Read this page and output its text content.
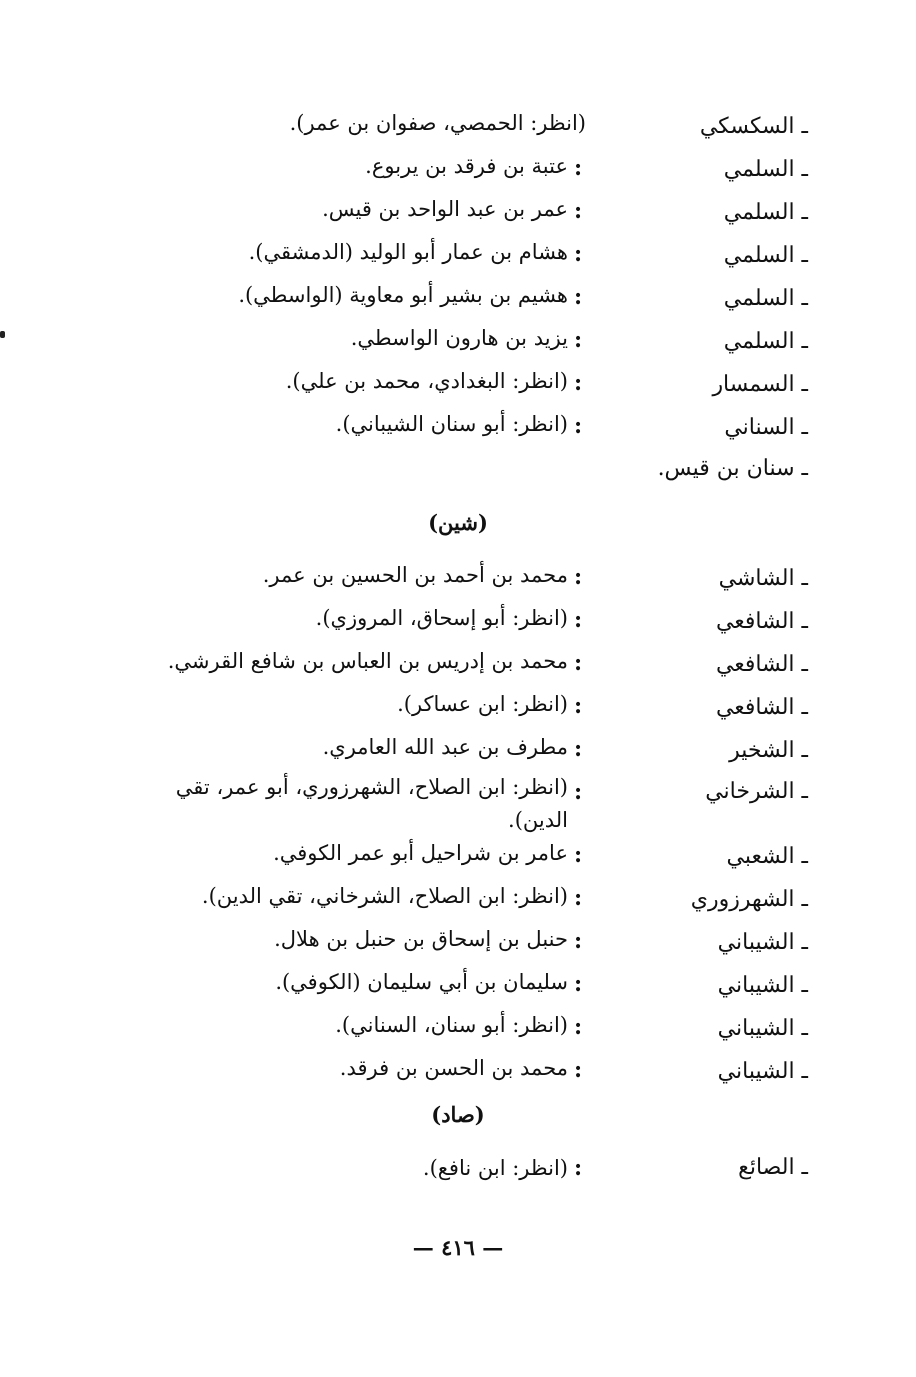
ـ السكسكي
(انظر: الحمصي، صفوان بن عمر).
ـ السلمي
:
عتبة بن فرقد بن يربوع.
ـ السلمي
:
عمر بن عبد الواحد بن قيس.
ـ السلمي
:
هشام بن عمار أبو الوليد (الدمشقي).
ـ السلمي
:
هشيم بن بشير أبو معاوية (الواسطي).
ـ السلمي
:
يزيد بن هارون الواسطي.
ـ السمسار
:
(انظر: البغدادي، محمد بن علي).
ـ السناني
:
(انظر: أبو سنان الشيباني).
ـ سنان بن قيس.
(شين)
ـ الشاشي
:
محمد بن أحمد بن الحسين بن عمر.
ـ الشافعي
:
(انظر: أبو إسحاق، المروزي).
ـ الشافعي
:
محمد بن إدريس بن العباس بن شافع القرشي.
ـ الشافعي
:
(انظر: ابن عساكر).
ـ الشخير
:
مطرف بن عبد الله العامري.
ـ الشرخاني
:
(انظر: ابن الصلاح، الشهرزوري، أبو عمر، تقي الدين).
ـ الشعبي
:
عامر بن شراحيل أبو عمر الكوفي.
ـ الشهرزوري
:
(انظر: ابن الصلاح، الشرخاني، تقي الدين).
ـ الشيباني
:
حنبل بن إسحاق بن حنبل بن هلال.
ـ الشيباني
:
سليمان بن أبي سليمان (الكوفي).
ـ الشيباني
:
(انظر: أبو سنان، السناني).
ـ الشيباني
:
محمد بن الحسن بن فرقد.
(صاد)
ـ الصائع
:
(انظر: ابن نافع).
— ٤١٦ —
